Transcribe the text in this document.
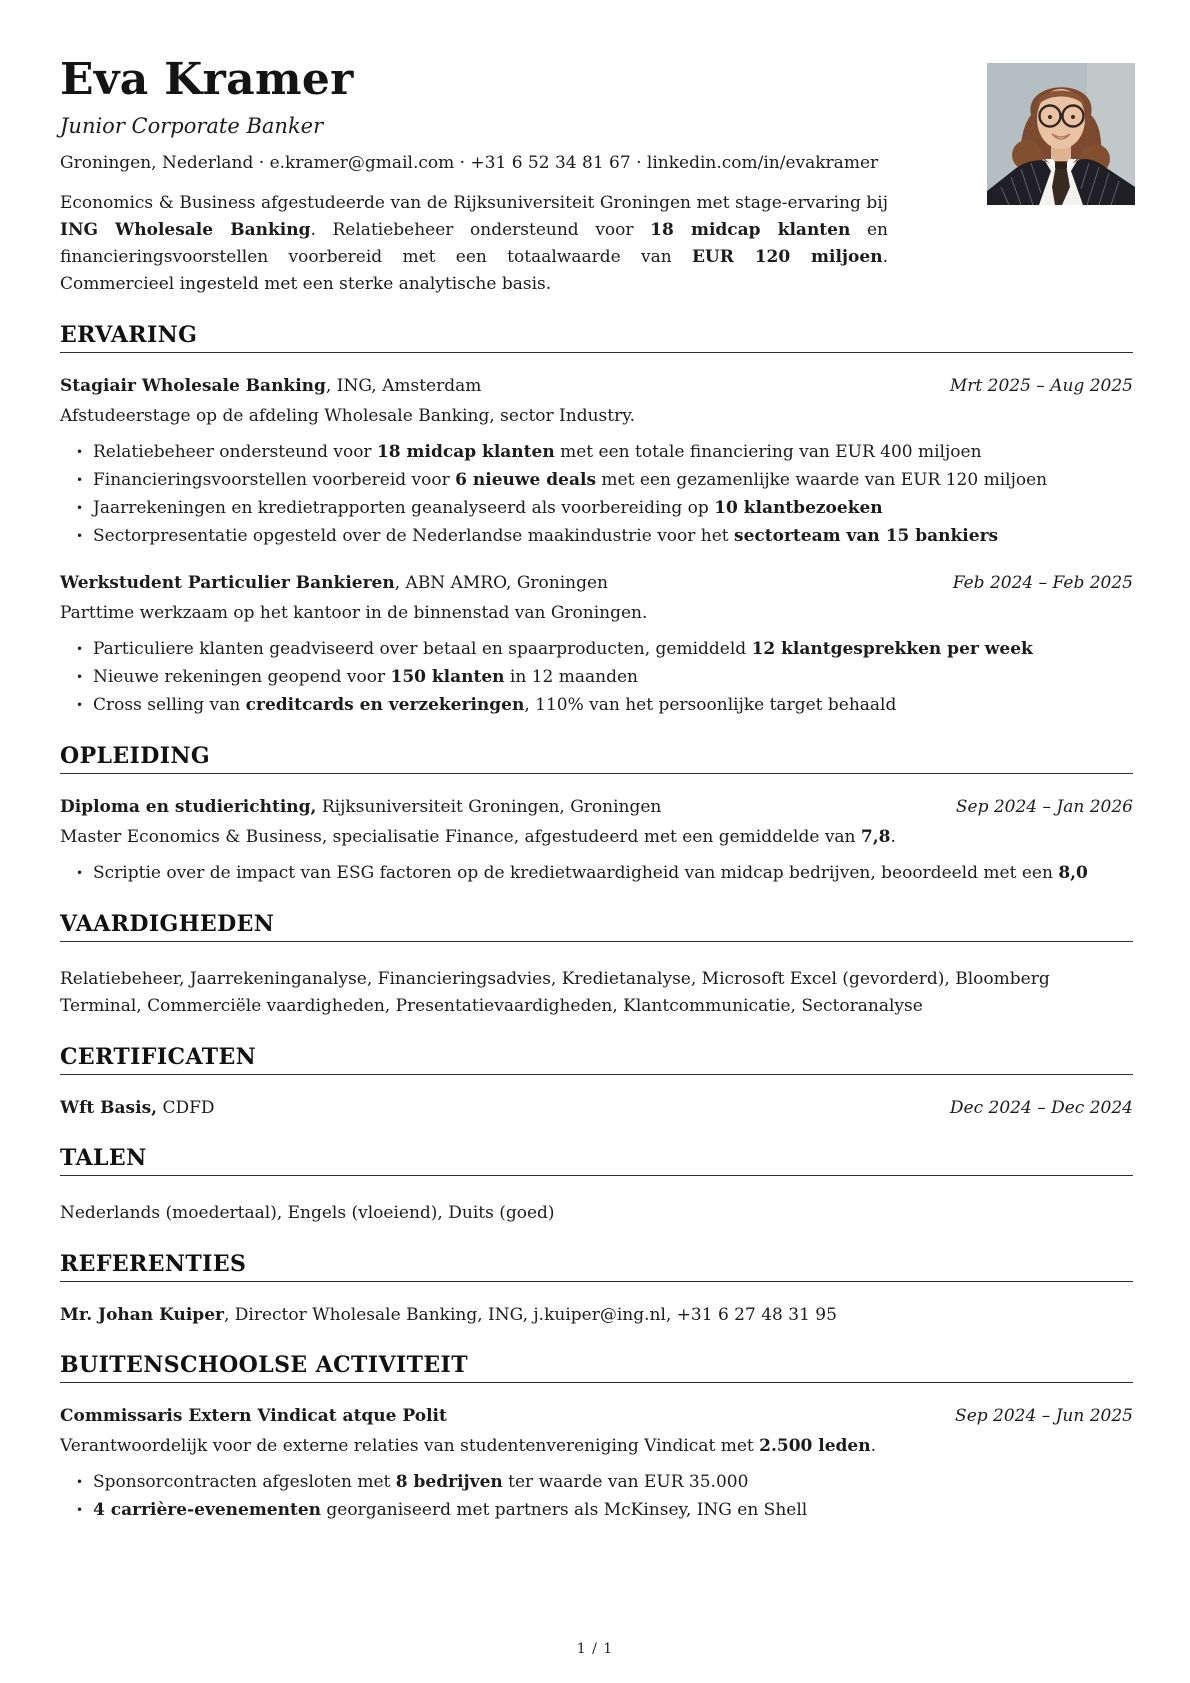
Eva Kramer
Junior Corporate Banker
Groningen, Nederland · e.kramer@gmail.com · +31 6 52 34 81 67 · linkedin.com/in/evakramer

Economics & Business afgestudeerde van de Rijksuniversiteit Groningen met stage-ervaring bij ING Wholesale Banking. Relatiebeheer ondersteund voor 18 midcap klanten en financieringsvoorstellen voorbereid met een totaalwaarde van EUR 120 miljoen. Commercieel ingesteld met een sterke analytische basis.

ERVARING
Stagiair Wholesale Banking, ING, Amsterdam	Mrt 2025 – Aug 2025
Afstudeerstage op de afdeling Wholesale Banking, sector Industry.
• Relatiebeheer ondersteund voor 18 midcap klanten met een totale financiering van EUR 400 miljoen
• Financieringsvoorstellen voorbereid voor 6 nieuwe deals met een gezamenlijke waarde van EUR 120 miljoen
• Jaarrekeningen en kredietrapporten geanalyseerd als voorbereiding op 10 klantbezoeken
• Sectorpresentatie opgesteld over de Nederlandse maakindustrie voor het sectorteam van 15 bankiers
Werkstudent Particulier Bankieren, ABN AMRO, Groningen	Feb 2024 – Feb 2025
Parttime werkzaam op het kantoor in de binnenstad van Groningen.
• Particuliere klanten geadviseerd over betaal en spaarproducten, gemiddeld 12 klantgesprekken per week
• Nieuwe rekeningen geopend voor 150 klanten in 12 maanden
• Cross selling van creditcards en verzekeringen, 110% van het persoonlijke target behaald
OPLEIDING
Diploma en studierichting, Rijksuniversiteit Groningen, Groningen	Sep 2024 – Jan 2026
Master Economics & Business, specialisatie Finance, afgestudeerd met een gemiddelde van 7,8.
• Scriptie over de impact van ESG factoren op de kredietwaardigheid van midcap bedrijven, beoordeeld met een 8,0
VAARDIGHEDEN

Relatiebeheer, Jaarrekeninganalyse, Financieringsadvies, Kredietanalyse, Microsoft Excel (gevorderd), Bloomberg Terminal, Commerciële vaardigheden, Presentatievaardigheden, Klantcommunicatie, Sectoranalyse

CERTIFICATEN
Wft Basis, CDFD	Dec 2024 – Dec 2024
TALEN

Nederlands (moedertaal), Engels (vloeiend), Duits (goed)

REFERENTIES
Mr. Johan Kuiper, Director Wholesale Banking, ING, j.kuiper@ing.nl, +31 6 27 48 31 95
BUITENSCHOOLSE ACTIVITEIT
Commissaris Extern Vindicat atque Polit	Sep 2024 – Jun 2025
Verantwoordelijk voor de externe relaties van studentenvereniging Vindicat met 2.500 leden.
• Sponsorcontracten afgesloten met 8 bedrijven ter waarde van EUR 35.000
• 4 carrière-evenementen georganiseerd met partners als McKinsey, ING en Shell
1 / 1
